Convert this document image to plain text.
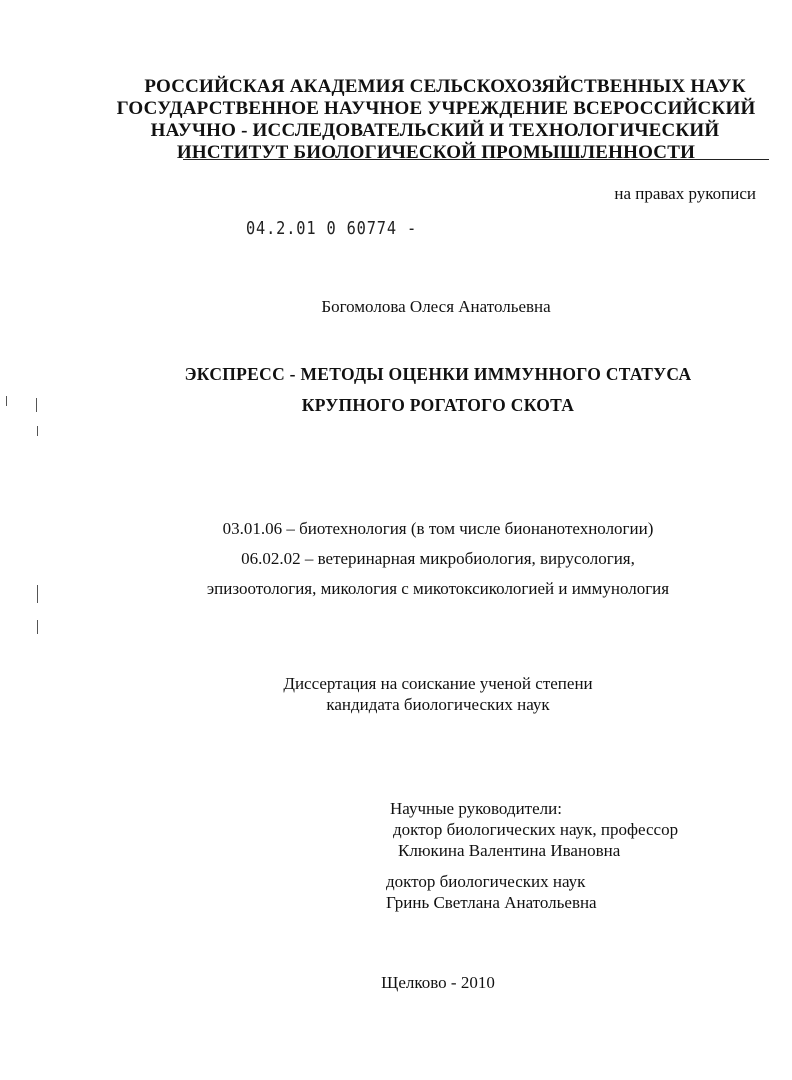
РОССИЙСКАЯ АКАДЕМИЯ СЕЛЬСКОХОЗЯЙСТВЕННЫХ НАУК
ГОСУДАРСТВЕННОЕ НАУЧНОЕ УЧРЕЖДЕНИЕ ВСЕРОССИЙСКИЙ
НАУЧНО - ИССЛЕДОВАТЕЛЬСКИЙ И ТЕХНОЛОГИЧЕСКИЙ
ИНСТИТУТ БИОЛОГИЧЕСКОЙ ПРОМЫШЛЕННОСТИ
на правах рукописи
04.2.01 0 60774 -
Богомолова Олеся Анатольевна
ЭКСПРЕСС - МЕТОДЫ ОЦЕНКИ ИММУННОГО СТАТУСА
КРУПНОГО РОГАТОГО СКОТА
03.01.06 – биотехнология (в том числе бионанотехнологии)
06.02.02 – ветеринарная микробиология, вирусология,
эпизоотология, микология с микотоксикологией и иммунология
Диссертация на соискание ученой степени
кандидата биологических наук
Научные руководители:
доктор биологических наук, профессор
Клюкина Валентина Ивановна
доктор биологических наук
Гринь Светлана Анатольевна
Щелково - 2010
